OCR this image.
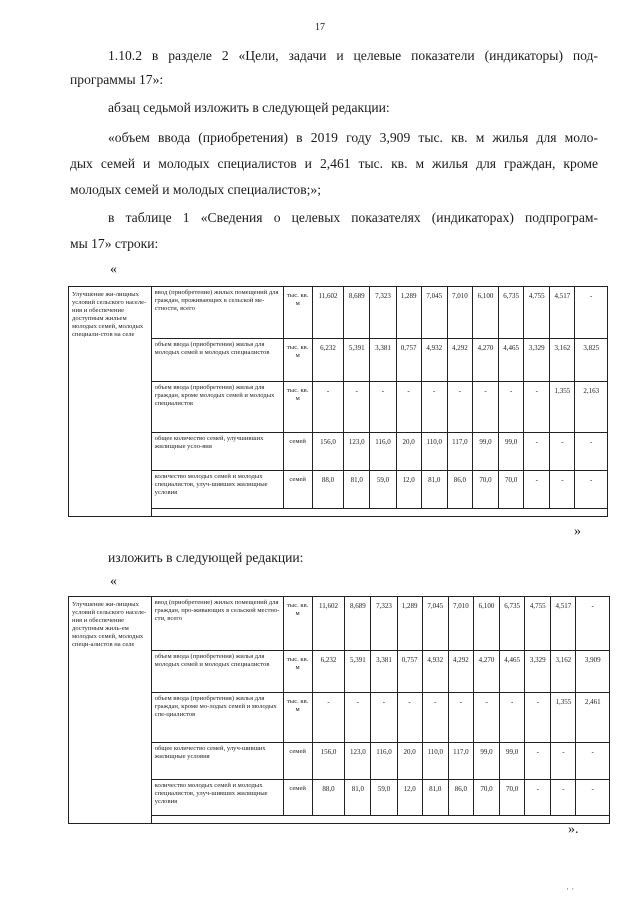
17

1.10.2 в разделе 2 «Цели, задачи и целевые показатели (индикаторы) под-

программы 17»:

абзац седьмой изложить в следующей редакции:

«объем ввода (приобретения) в 2019 году 3,909 тыс. кв. м жилья для моло-

дых семей и молодых специалистов и 2,461 тыс. кв. м жилья для граждан, кроме

молодых семей и молодых специалистов;»;

в таблице 1 «Сведения о целевых показателях (индикаторах) подпрограм-

мы 17» строки:

«
Улучшение жи-лищных условий сельского населе-ния и обеспечение доступным жильем молодых семей, молодых специали-стов на селе	ввод (приобретение) жилых помещений для граждан, проживающих в сельской ме-стности, всего	тыс. кв. м	11,602	8,689	7,323	1,289	7,045	7,010	6,100	6,735	4,755	4,517	-
	объем ввода (приобретения) жилья для молодых семей и молодых специалистов	тыс. кв. м	6,232	5,391	3,381	0,757	4,932	4,292	4,270	4,465	3,329	3,162	3,825
	объем ввода (приобретения) жилья для граждан, кроме молодых семей и молодых специалистов	тыс. кв. м	-	-	-	-	-	-	-	-	-	1,355	2,163
	общее количество семей, улучшивших жилищные усло-вия	семей	156,0	123,0	116,0	20,0	110,0	117,0	99,0	99,0	-	-	-
	количество молодых семей и молодых специалистов, улуч-шивших жилищные условия	семей	88,0	81,0	59,0	12,0	81,0	86,0	70,0	70,0	-	-	-

»

изложить в следующей редакции:

«
Улучшение жи-лищных условий сельского населе-ния и обеспечение доступным жиль-ем молодых семей, молодых специ-алистов на селе	ввод (приобретение) жилых помещений для граждан, про-живающих в сельской местно-сти, всего	тыс. кв. м	11,602	8,689	7,323	1,289	7,045	7,010	6,100	6,735	4,755	4,517	-
	объем ввода (приобретения) жилья для молодых семей и молодых специалистов	тыс. кв. м	6,232	5,391	3,381	0,757	4,932	4,292	4,270	4,465	3,329	3,162	3,909
	объем ввода (приобретения) жилья для граждан, кроме мо-лодых семей и молодых спе-циалистов	тыс. кв. м	-	-	-	-	-	-	-	-	-	1,355	2,461
	общее количество семей, улуч-шивших жилищные условия	семей	156,0	123,0	116,0	20,0	110,0	117,0	99,0	99,0	-	-	-
	количество молодых семей и молодых специалистов, улуч-шивших жилищные условия	семей	88,0	81,0	59,0	12,0	81,0	86,0	70,0	70,0	-	-	-

».
· ·
